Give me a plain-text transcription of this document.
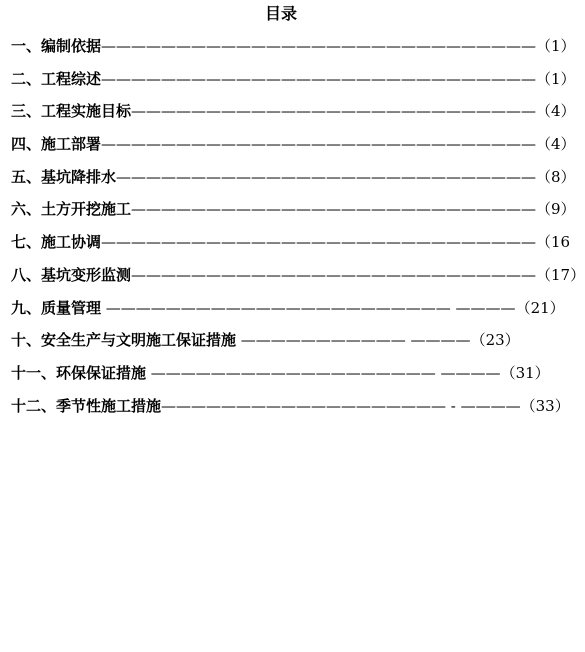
目录
一、编制依据—————————————————————————————（1）
二、工程综述—————————————————————————————（1）
三、工程实施目标———————————————————————————（4）
四、施工部署—————————————————————————————（4）
五、基坑降排水————————————————————————————（8）
六、土方开挖施工———————————————————————————（9）
七、施工协调—————————————————————————————（16
八、基坑变形监测———————————————————————————（17）
九、质量管理 ——————————————————————— ————（21）
十、安全生产与文明施工保证措施 ——————————— ————（23）
十一、环保保证措施 ——————————————————— ————（31）
十二、季节性施工措施——————————————————— - ————（33）
